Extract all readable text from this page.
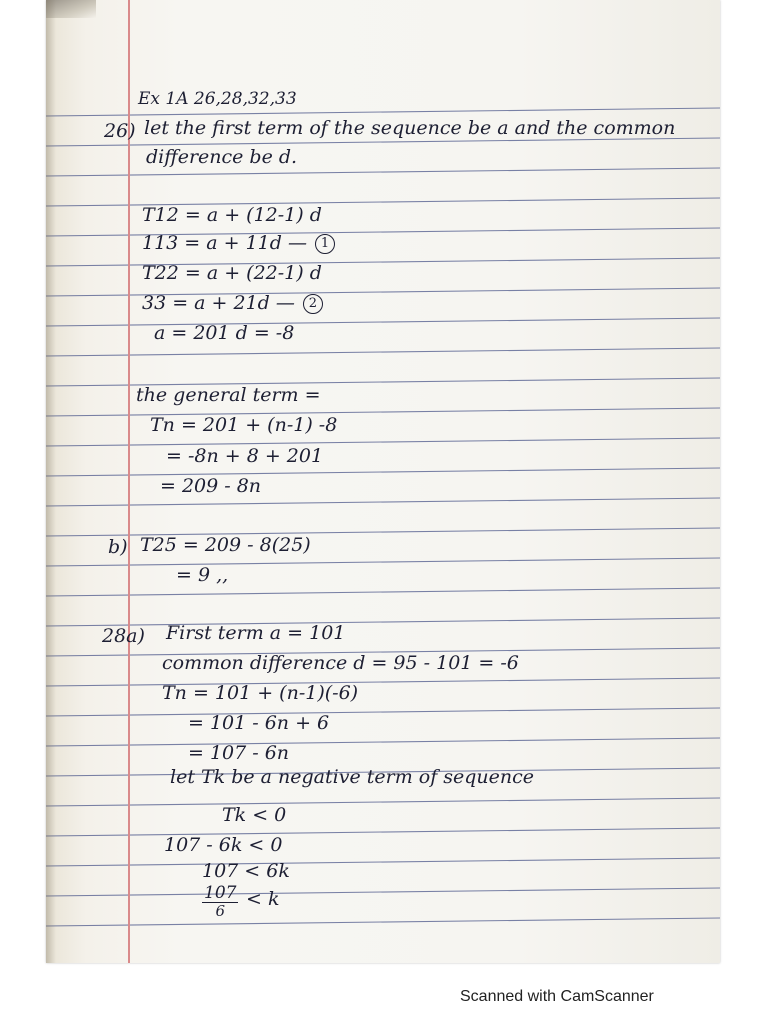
Ex 1A 26,28,32,33
26) let the first term of the sequence be a and the common
difference be d.
T12 = a + (12-1) d
113 = a + 11d — 1
T22 = a + (22-1) d
33 = a + 21d — 2
a = 201 d = -8
the general term =
Tn = 201 + (n-1) -8
= -8n + 8 + 201
= 209 - 8n
b) T25 = 209 - 8(25)
= 9 ,,
28a) First term a = 101
common difference d = 95 - 101 = -6
Tn = 101 + (n-1)(-6)
= 101 - 6n + 6
= 107 - 6n
let Tk be a negative term of sequence
Tk < 0
107 - 6k < 0
107 < 6k
$\frac{107}{6} < k$
Scanned with CamScanner
